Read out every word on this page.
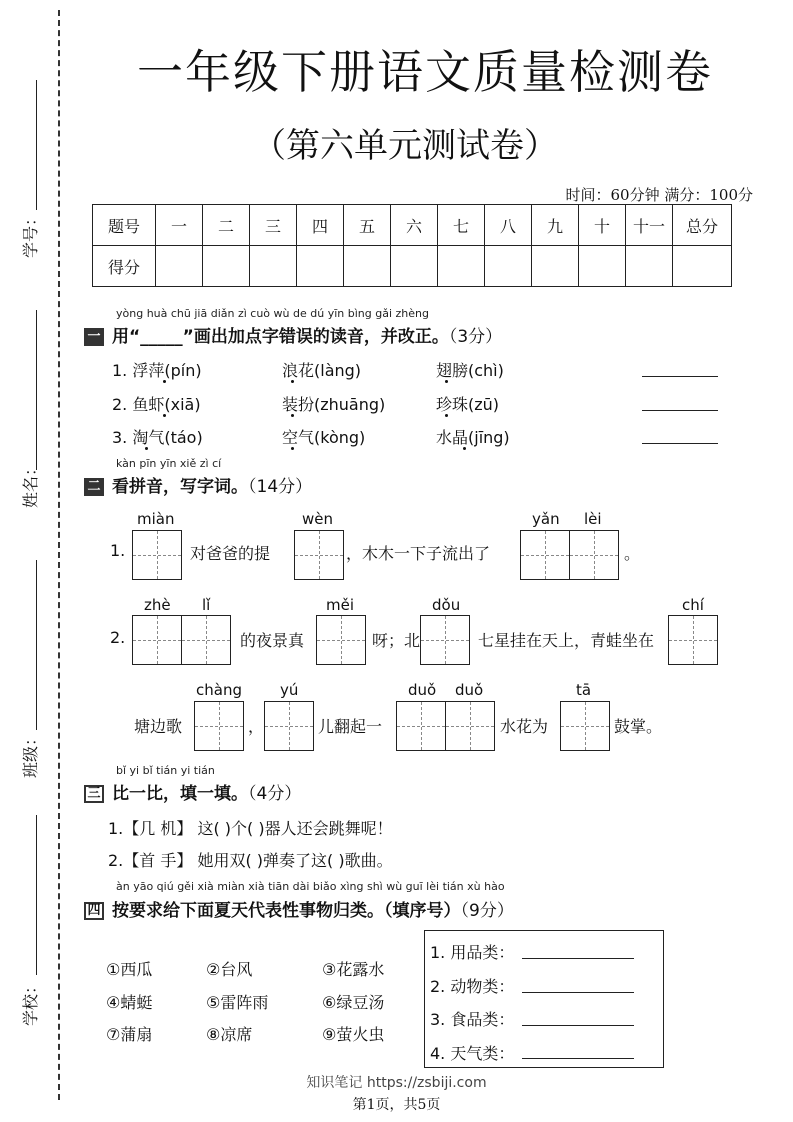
学号：
姓名：
班级：
学校：
一年级下册语文质量检测卷
（第六单元测试卷）
时间：60分钟 满分：100分
题号	一	二	三	四	五	六	七	八	九	十	十一	总分
得分												
yòng huà chū jiā diǎn zì cuò wù de dú yīn bìng gǎi zhèng
一 用“_____”画出加点字错误的读音，并改正。（3分）
1. 浮萍(pín)	浪花(làng)	翅膀(chì)
2. 鱼虾(xiā)	装扮(zhuāng)	珍珠(zū)
3. 淘气(táo)	空气(kòng)	水晶(jīng)
kàn pīn yīn xiě zì cí
二 看拼音，写字词。（14分）
1.
miàn
对爸爸的提
wèn
，木木一下子流出了
yǎn lèi
。
2.
zhè lǐ
的夜景真
měi
呀；北
dǒu
七星挂在天上，青蛙坐在
chí
塘边歌
chàng
，
yú
儿翻起一
duǒ duǒ
水花为
tā
鼓掌。
bǐ yi bǐ tián yi tián
三 比一比，填一填。（4分）
1.【几 机】 这( )个( )器人还会跳舞呢！
2.【首 手】 她用双( )弹奏了这( )歌曲。
àn yāo qiú gěi xià miàn xià tiān dài biǎo xìng shì wù guī lèi tián xù hào
四 按要求给下面夏天代表性事物归类。（填序号）（9分）
①西瓜	②台风	③花露水
④蜻蜓	⑤雷阵雨	⑥绿豆汤
⑦蒲扇	⑧凉席	⑨萤火虫
1. 用品类：
2. 动物类：
3. 食品类：
4. 天气类：
知识笔记 https://zsbiji.com
第1页，共5页
